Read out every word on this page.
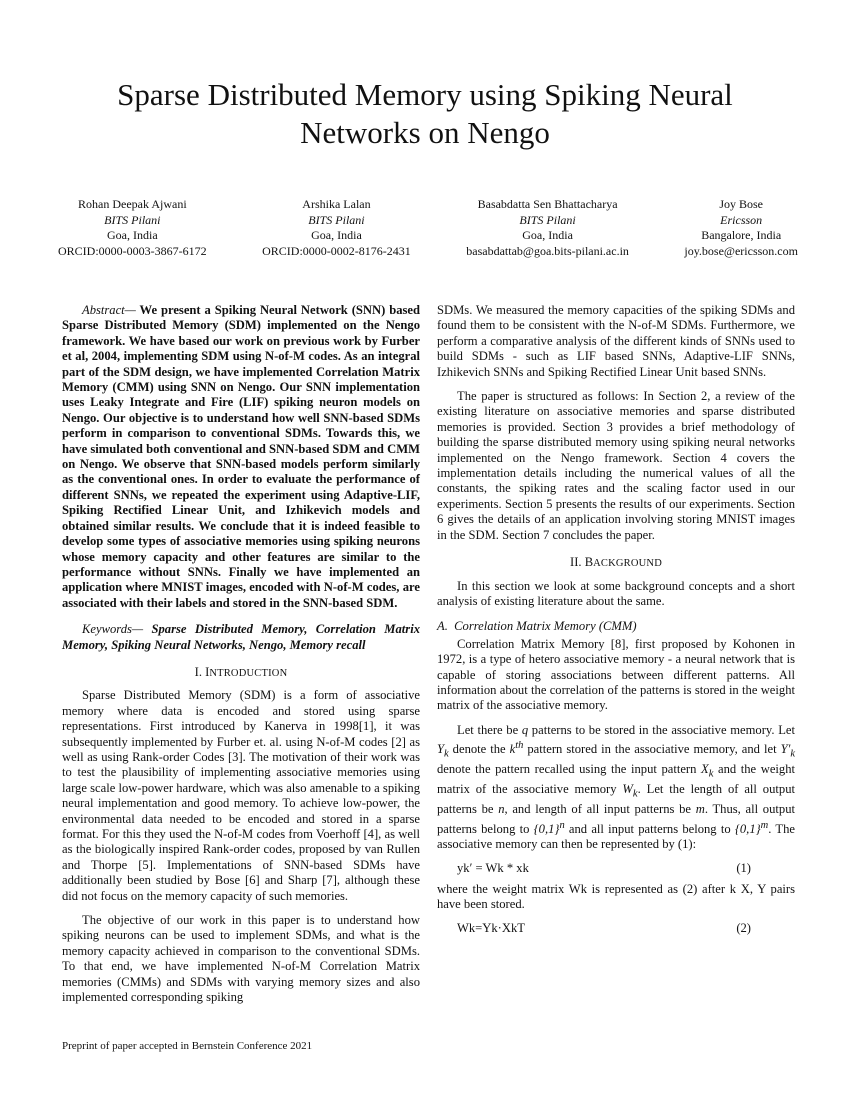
Sparse Distributed Memory using Spiking Neural
Networks on Nengo
Rohan Deepak Ajwani
BITS Pilani
Goa, India
ORCID:0000-0003-3867-6172
Arshika Lalan
BITS Pilani
Goa, India
ORCID:0000-0002-8176-2431
Basabdatta Sen Bhattacharya
BITS Pilani
Goa, India
basabdattab@goa.bits-pilani.ac.in
Joy Bose
Ericsson
Bangalore, India
joy.bose@ericsson.com

Abstract— We present a Spiking Neural Network (SNN) based Sparse Distributed Memory (SDM) implemented on the Nengo framework. We have based our work on previous work by Furber et al, 2004, implementing SDM using N-of-M codes. As an integral part of the SDM design, we have implemented Correlation Matrix Memory (CMM) using SNN on Nengo. Our SNN implementation uses Leaky Integrate and Fire (LIF) spiking neuron models on Nengo. Our objective is to understand how well SNN-based SDMs perform in comparison to conventional SDMs. Towards this, we have simulated both conventional and SNN-based SDM and CMM on Nengo. We observe that SNN-based models perform similarly as the conventional ones. In order to evaluate the performance of different SNNs, we repeated the experiment using Adaptive-LIF, Spiking Rectified Linear Unit, and Izhikevich models and obtained similar results. We conclude that it is indeed feasible to develop some types of associative memories using spiking neurons whose memory capacity and other features are similar to the performance without SNNs. Finally we have implemented an application where MNIST images, encoded with N-of-M codes, are associated with their labels and stored in the SNN-based SDM.

Keywords— Sparse Distributed Memory, Correlation Matrix Memory, Spiking Neural Networks, Nengo, Memory recall

I. INTRODUCTION

Sparse Distributed Memory (SDM) is a form of associative memory where data is encoded and stored using sparse representations. First introduced by Kanerva in 1998[1], it was subsequently implemented by Furber et. al. using N-of-M codes [2] as well as using Rank-order Codes [3]. The motivation of their work was to test the plausibility of implementing associative memories using large scale low-power hardware, which was also amenable to a spiking neural implementation and good memory. To achieve low-power, the environmental data needed to be encoded and stored in a sparse format. For this they used the N-of-M codes from Voerhoff [4], as well as the biologically inspired Rank-order codes, proposed by van Rullen and Thorpe [5]. Implementations of SNN-based SDMs have additionally been studied by Bose [6] and Sharp [7], although these did not focus on the memory capacity of such memories.

The objective of our work in this paper is to understand how spiking neurons can be used to implement SDMs, and what is the memory capacity achieved in comparison to the conventional SDMs. To that end, we have implemented N-of-M Correlation Matrix memories (CMMs) and SDMs with varying memory sizes and also implemented corresponding spiking

SDMs. We measured the memory capacities of the spiking SDMs and found them to be consistent with the N-of-M SDMs. Furthermore, we perform a comparative analysis of the different kinds of SNNs used to build SDMs - such as LIF based SNNs, Adaptive-LIF SNNs, Izhikevich SNNs and Spiking Rectified Linear Unit based SNNs.

The paper is structured as follows: In Section 2, a review of the existing literature on associative memories and sparse distributed memories is provided. Section 3 provides a brief methodology of building the sparse distributed memory using spiking neural networks implemented on the Nengo framework. Section 4 covers the implementation details including the numerical values of all the constants, the spiking rates and the scaling factor used in our experiments. Section 5 presents the results of our experiments. Section 6 gives the details of an application involving storing MNIST images in the SDM. Section 7 concludes the paper.

II. BACKGROUND

In this section we look at some background concepts and a short analysis of existing literature about the same.

A.  Correlation Matrix Memory (CMM)

Correlation Matrix Memory [8], first proposed by Kohonen in 1972, is a type of hetero associative memory - a neural network that is capable of storing associations between different patterns. All information about the correlation of the patterns is stored in the weight matrix of the associative memory.

Let there be q patterns to be stored in the associative memory. Let $Y_k$ denote the $k^{th}$ pattern stored in the associative memory, and let $Y'_k$ denote the pattern recalled using the input pattern $X_k$ and the weight matrix of the associative memory $W_k$. Let the length of all output patterns be n, and length of all input patterns be m. Thus, all output patterns belong to $\{0,1\}^n$ and all input patterns belong to $\{0,1\}^m$. The associative memory can then be represented by (1):

yk′ = Wk * xk	(1)

where the weight matrix Wk is represented as (2) after k X, Y pairs have been stored.

Wk=Yk·XkT	(2)
Preprint of paper accepted in Bernstein Conference 2021
